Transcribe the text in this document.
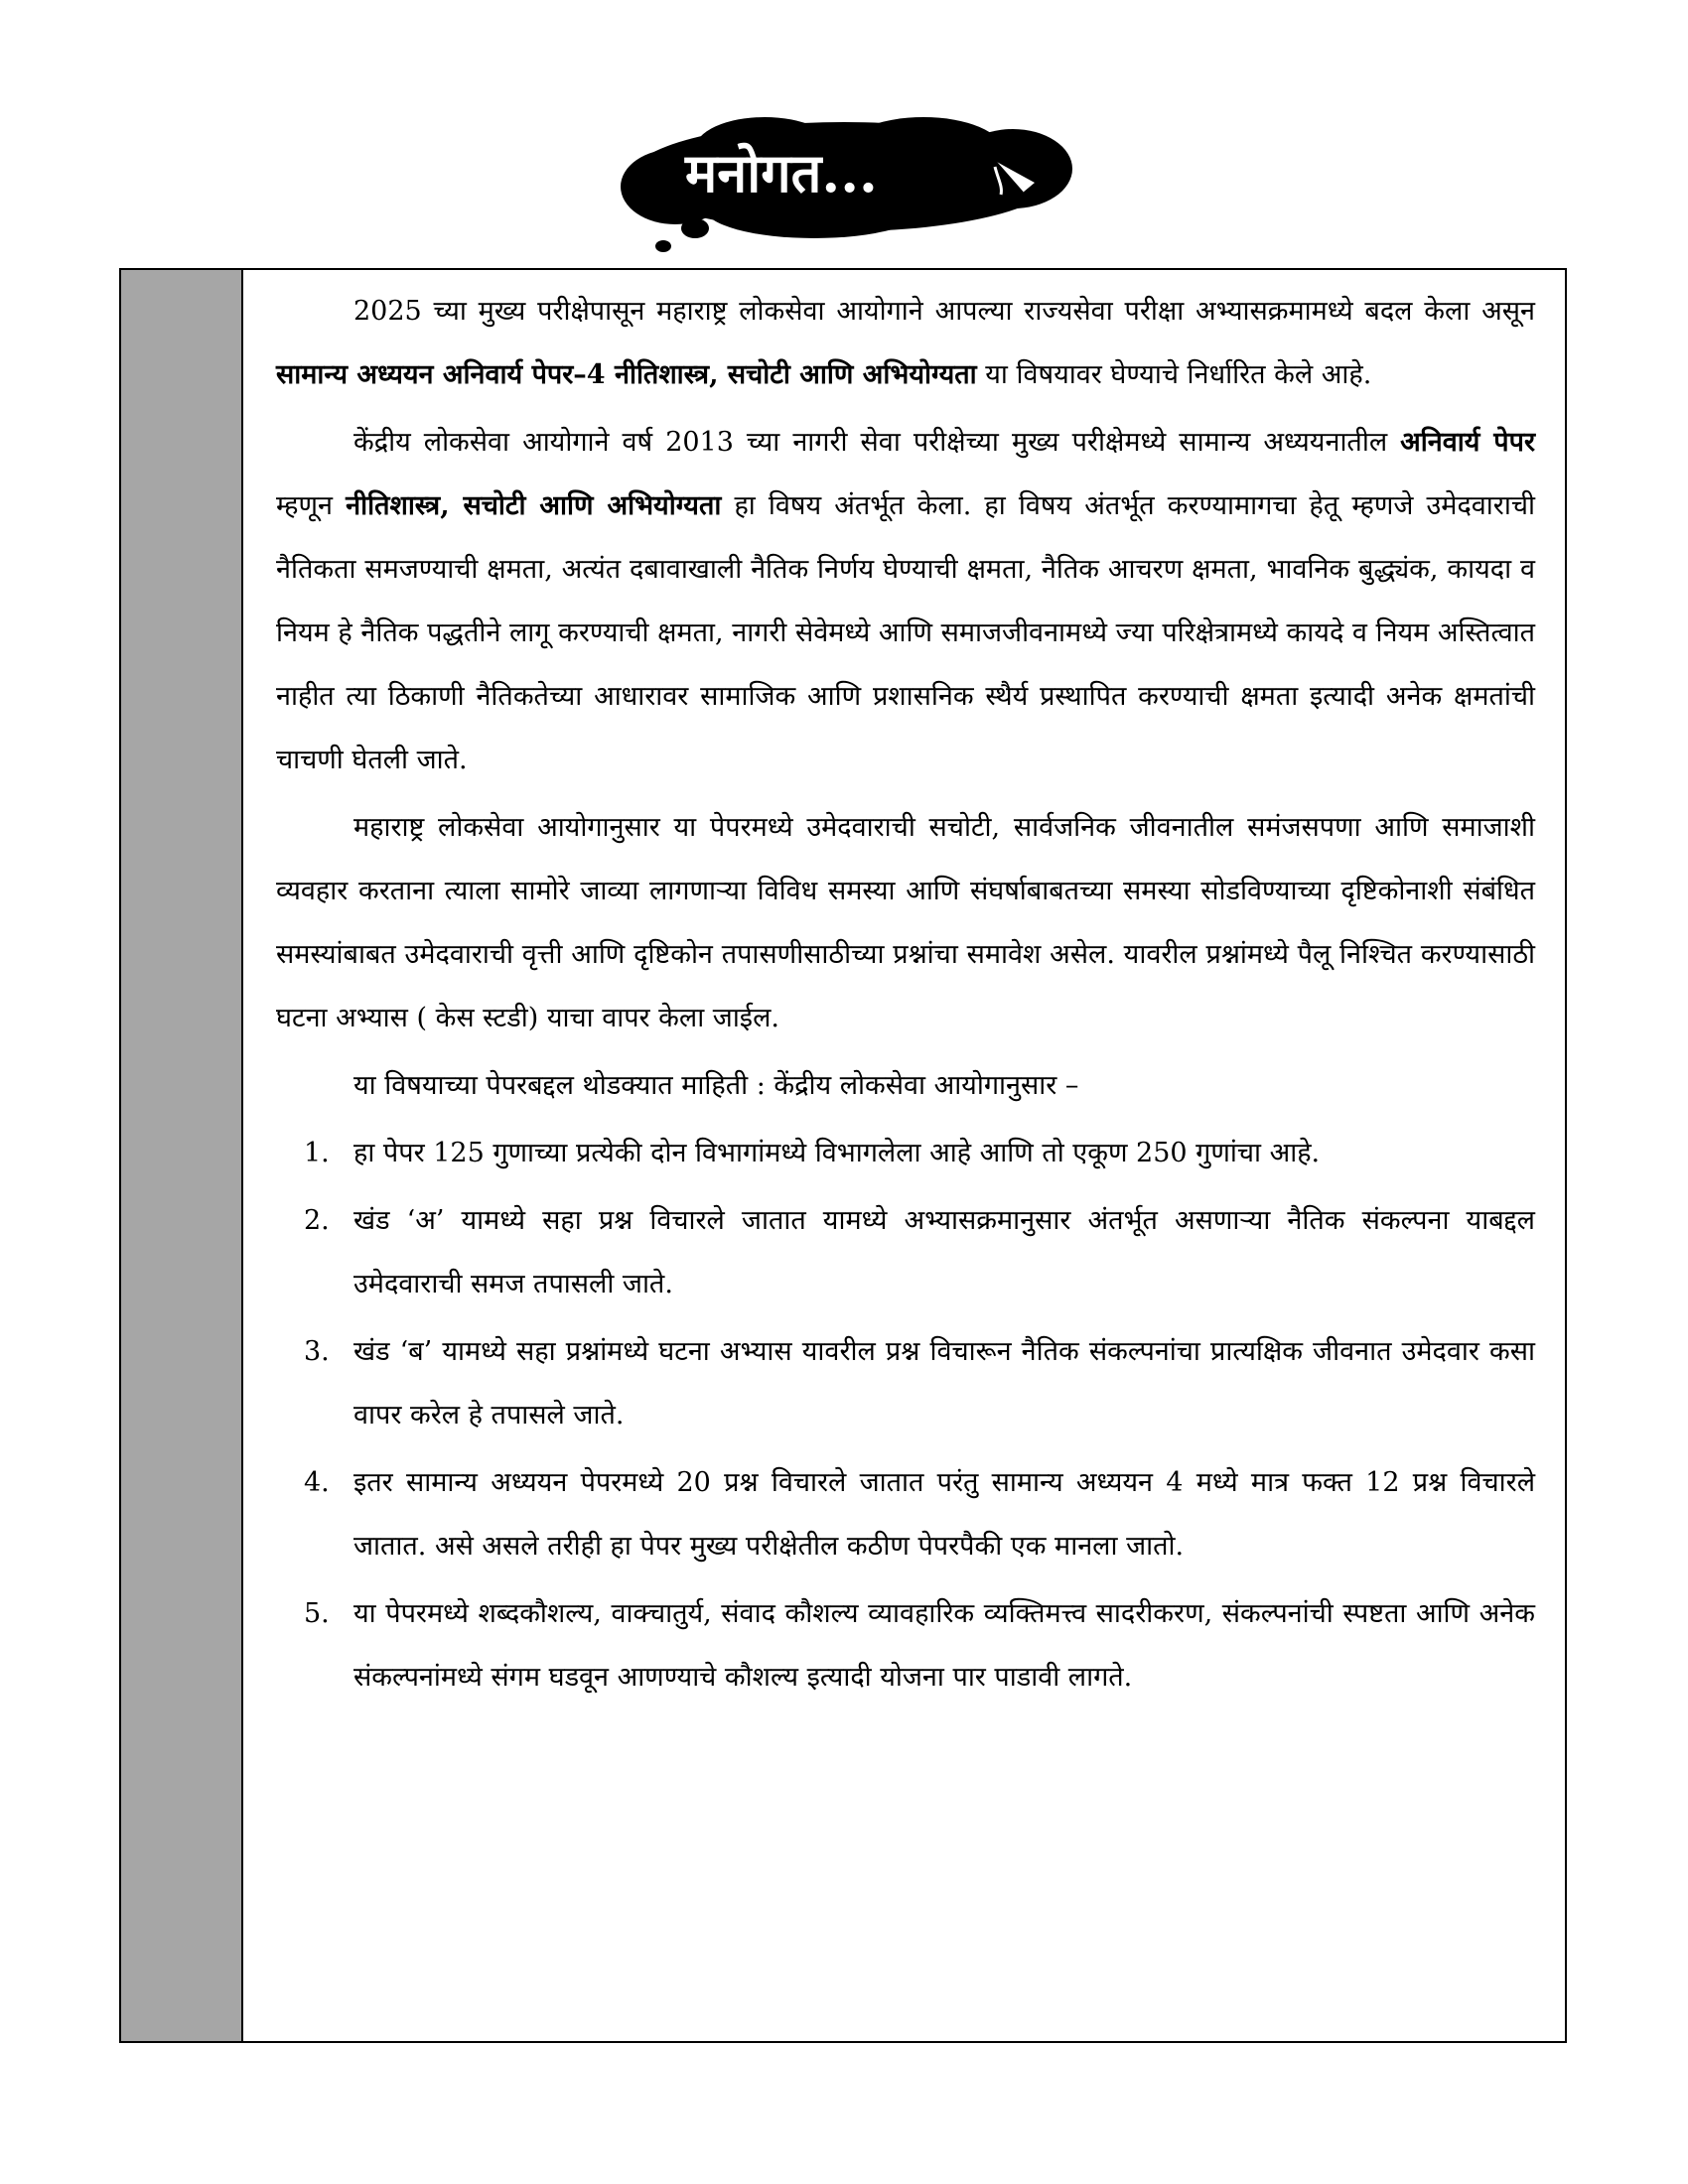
मनोगत...

2025 च्या मुख्य परीक्षेपासून महाराष्ट्र लोकसेवा आयोगाने आपल्या राज्यसेवा परीक्षा अभ्यासक्रमामध्ये बदल केला असून सामान्य अध्ययन अनिवार्य पेपर–4 नीतिशास्त्र, सचोटी आणि अभियोग्यता या विषयावर घेण्याचे निर्धारित केले आहे.

केंद्रीय लोकसेवा आयोगाने वर्ष 2013 च्या नागरी सेवा परीक्षेच्या मुख्य परीक्षेमध्ये सामान्य अध्ययनातील अनिवार्य पेपर म्हणून नीतिशास्त्र, सचोटी आणि अभियोग्यता हा विषय अंतर्भूत केला. हा विषय अंतर्भूत करण्यामागचा हेतू म्हणजे उमेदवाराची नैतिकता समजण्याची क्षमता, अत्यंत दबावाखाली नैतिक निर्णय घेण्याची क्षमता, नैतिक आचरण क्षमता, भावनिक बुद्ध्यंक, कायदा व नियम हे नैतिक पद्धतीने लागू करण्याची क्षमता, नागरी सेवेमध्ये आणि समाजजीवनामध्ये ज्या परिक्षेत्रामध्ये कायदे व नियम अस्तित्वात नाहीत त्या ठिकाणी नैतिकतेच्या आधारावर सामाजिक आणि प्रशासनिक स्थैर्य प्रस्थापित करण्याची क्षमता इत्यादी अनेक क्षमतांची चाचणी घेतली जाते.

महाराष्ट्र लोकसेवा आयोगानुसार या पेपरमध्ये उमेदवाराची सचोटी, सार्वजनिक जीवनातील समंजसपणा आणि समाजाशी व्यवहार करताना त्याला सामोरे जाव्या लागणाऱ्या विविध समस्या आणि संघर्षाबाबतच्या समस्या सोडविण्याच्या दृष्टिकोनाशी संबंधित समस्यांबाबत उमेदवाराची वृत्ती आणि दृष्टिकोन तपासणीसाठीच्या प्रश्नांचा समावेश असेल. यावरील प्रश्नांमध्ये पैलू निश्चित करण्यासाठी घटना अभ्यास ( केस स्टडी) याचा वापर केला जाईल.

या विषयाच्या पेपरबद्दल थोडक्यात माहिती : केंद्रीय लोकसेवा आयोगानुसार –

1. हा पेपर 125 गुणाच्या प्रत्येकी दोन विभागांमध्ये विभागलेला आहे आणि तो एकूण 250 गुणांचा आहे.
2. खंड ‘अ’ यामध्ये सहा प्रश्न विचारले जातात यामध्ये अभ्यासक्रमानुसार अंतर्भूत असणाऱ्या नैतिक संकल्पना याबद्दल उमेदवाराची समज तपासली जाते.
3. खंड ‘ब’ यामध्ये सहा प्रश्नांमध्ये घटना अभ्यास यावरील प्रश्न विचारून नैतिक संकल्पनांचा प्रात्यक्षिक जीवनात उमेदवार कसा वापर करेल हे तपासले जाते.
4. इतर सामान्य अध्ययन पेपरमध्ये 20 प्रश्न विचारले जातात परंतु सामान्य अध्ययन 4 मध्ये मात्र फक्त 12 प्रश्न विचारले जातात. असे असले तरीही हा पेपर मुख्य परीक्षेतील कठीण पेपरपैकी एक मानला जातो.
5. या पेपरमध्ये शब्दकौशल्य, वाक्चातुर्य, संवाद कौशल्य व्यावहारिक व्यक्तिमत्त्व सादरीकरण, संकल्पनांची स्पष्टता आणि अनेक संकल्पनांमध्ये संगम घडवून आणण्याचे कौशल्य इत्यादी योजना पार पाडावी लागते.
